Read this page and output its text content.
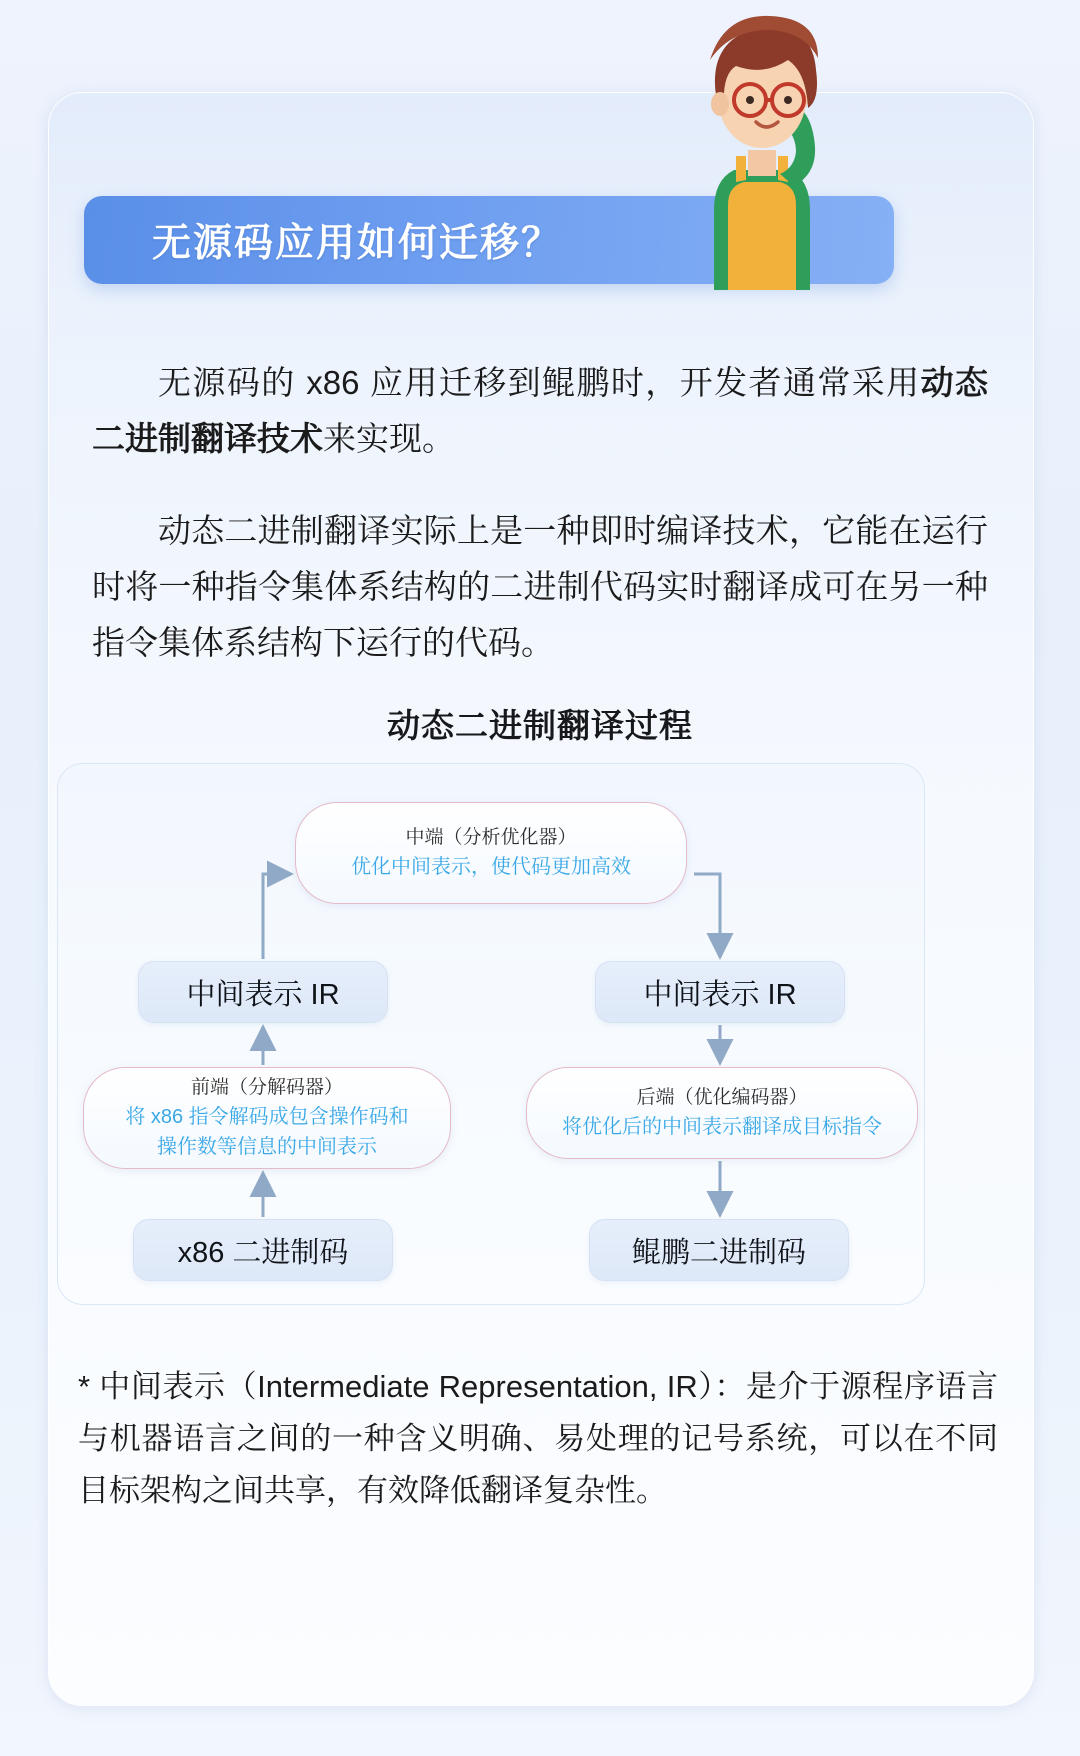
无源码应用如何迁移？

无源码的 x86 应用迁移到鲲鹏时，开发者通常采用动态二进制翻译技术来实现。

动态二进制翻译实际上是一种即时编译技术，它能在运行时将一种指令集体系结构的二进制代码实时翻译成可在另一种指令集体系结构下运行的代码。

动态二进制翻译过程
中端（分析优化器）
优化中间表示，使代码更加高效
中间表示 IR	中间表示 IR
前端（分解码器）
将 x86 指令解码成包含操作码和
操作数等信息的中间表示
后端（优化编码器）
将优化后的中间表示翻译成目标指令
x86 二进制码	鲲鹏二进制码

* 中间表示（Intermediate Representation, IR）：是介于源程序语言与机器语言之间的一种含义明确、易处理的记号系统，可以在不同目标架构之间共享，有效降低翻译复杂性。
